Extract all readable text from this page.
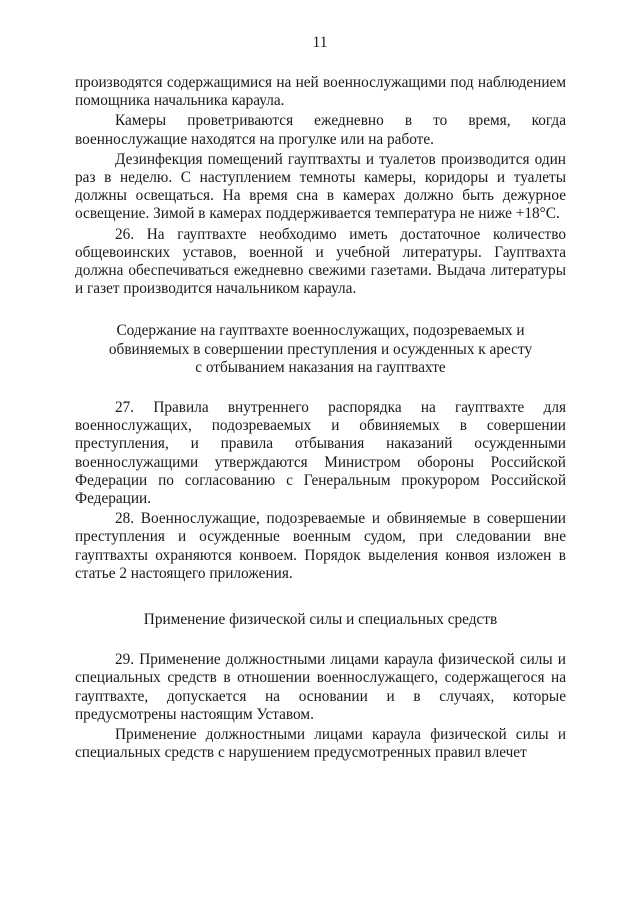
11

производятся содержащимися на ней военнослужащими под наблюдением помощника начальника караула.

Камеры проветриваются ежедневно в то время, когда военнослужащие находятся на прогулке или на работе.

Дезинфекция помещений гауптвахты и туалетов производится один раз в неделю. С наступлением темноты камеры, коридоры и туалеты должны освещаться. На время сна в камерах должно быть дежурное освещение. Зимой в камерах поддерживается температура не ниже +18°С.

26. На гауптвахте необходимо иметь достаточное количество общевоинских уставов, военной и учебной литературы. Гауптвахта должна обеспечиваться ежедневно свежими газетами. Выдача литературы и газет производится начальником караула.

Содержание на гауптвахте военнослужащих, подозреваемых и
обвиняемых в совершении преступления и осужденных к аресту
с отбыванием наказания на гауптвахте

27. Правила внутреннего распорядка на гауптвахте для военнослужащих, подозреваемых и обвиняемых в совершении преступления, и правила отбывания наказаний осужденными военнослужащими утверждаются Министром обороны Российской Федерации по согласованию с Генеральным прокурором Российской Федерации.

28. Военнослужащие, подозреваемые и обвиняемые в совершении преступления и осужденные военным судом, при следовании вне гауптвахты охраняются конвоем. Порядок выделения конвоя изложен в статье 2 настоящего приложения.

Применение физической силы и специальных средств

29. Применение должностными лицами караула физической силы и специальных средств в отношении военнослужащего, содержащегося на гауптвахте, допускается на основании и в случаях, которые предусмотрены настоящим Уставом.

Применение должностными лицами караула физической силы и специальных средств с нарушением предусмотренных правил влечет
